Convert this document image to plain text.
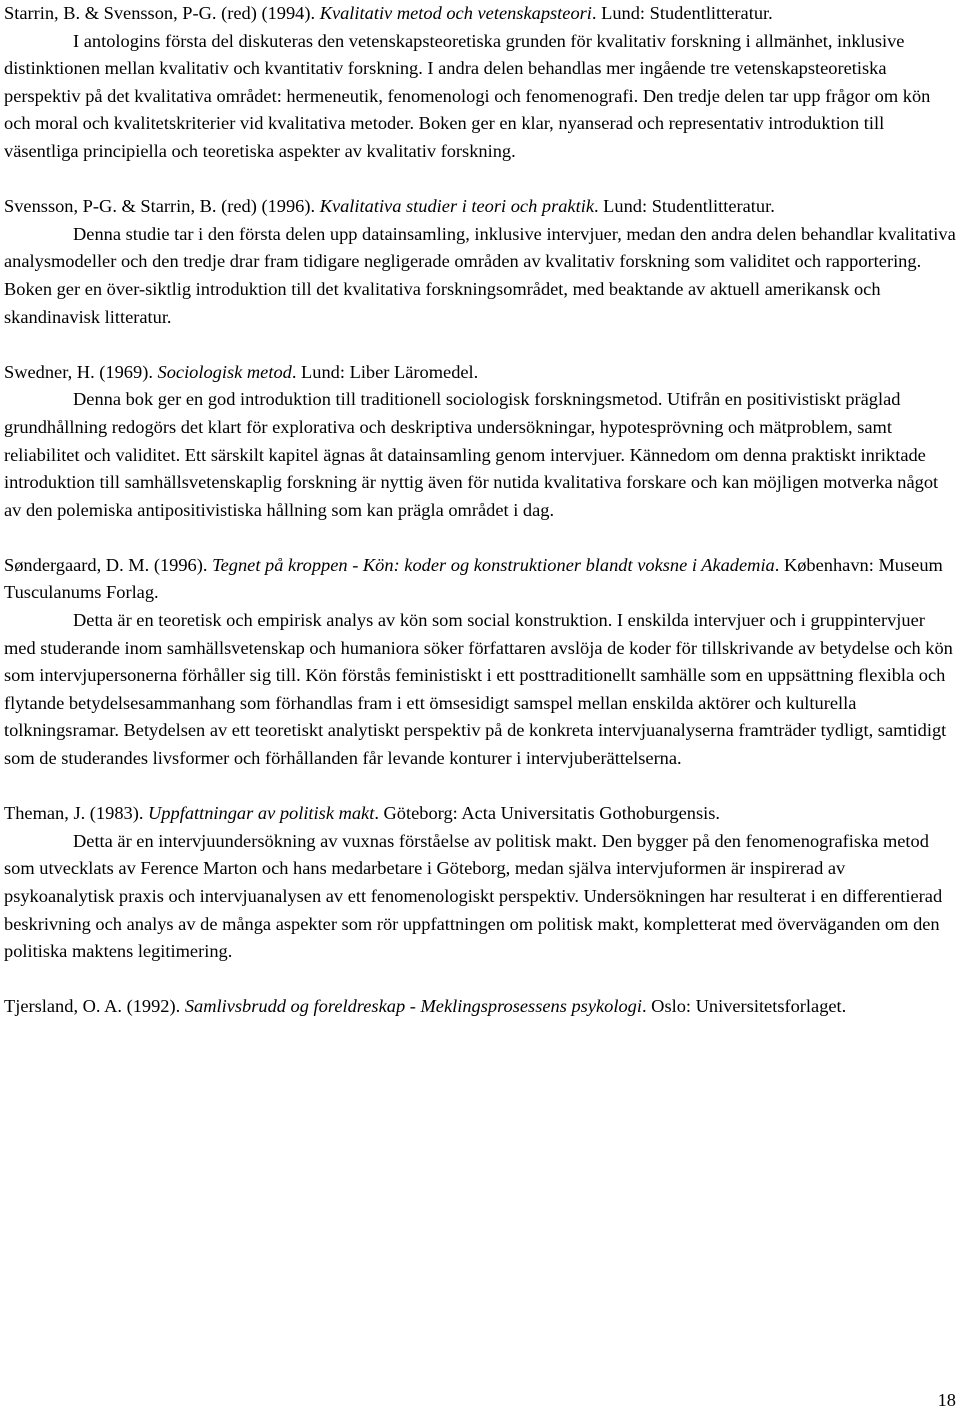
Starrin, B. & Svensson, P-G. (red) (1994). Kvalitativ metod och vetenskapsteori. Lund: Studentlitteratur.

I antologins första del diskuteras den vetenskapsteoretiska grunden för kvalitativ forskning i allmänhet, inklusive distinktionen mellan kvalitativ och kvantitativ forskning. I andra delen behandlas mer ingående tre vetenskapsteoretiska perspektiv på det kvalitativa området: hermeneutik, fenomenologi och fenomenografi. Den tredje delen tar upp frågor om kön och moral och kvalitetskriterier vid kvalitativa metoder. Boken ger en klar, nyanserad och representativ introduktion till väsentliga principiella och teoretiska aspekter av kvalitativ forskning.

Svensson, P-G. & Starrin, B. (red) (1996). Kvalitativa studier i teori och praktik. Lund: Studentlitteratur.

Denna studie tar i den första delen upp datainsamling, inklusive intervjuer, medan den andra delen behandlar kvalitativa analysmodeller och den tredje drar fram tidigare negligerade områden av kvalitativ forskning som validitet och rapportering. Boken ger en över-siktlig introduktion till det kvalitativa forskningsområdet, med beaktande av aktuell amerikansk och skandinavisk litteratur.

Swedner, H. (1969). Sociologisk metod. Lund: Liber Läromedel.

Denna bok ger en god introduktion till traditionell sociologisk forskningsmetod. Utifrån en positivistiskt präglad grundhållning redogörs det klart för explorativa och deskriptiva undersökningar, hypotesprövning och mätproblem, samt reliabilitet och validitet. Ett särskilt kapitel ägnas åt datainsamling genom intervjuer. Kännedom om denna praktiskt inriktade introduktion till samhällsvetenskaplig forskning är nyttig även för nutida kvalitativa forskare och kan möjligen motverka något av den polemiska antipositivistiska hållning som kan prägla området i dag.

Søndergaard, D. M. (1996). Tegnet på kroppen - Kön: koder og konstruktioner blandt voksne i Akademia. København: Museum Tusculanums Forlag.

Detta är en teoretisk och empirisk analys av kön som social konstruktion. I enskilda intervjuer och i gruppintervjuer med studerande inom samhällsvetenskap och humaniora söker författaren avslöja de koder för tillskrivande av betydelse och kön som intervjupersonerna förhåller sig till. Kön förstås feministiskt i ett posttraditionellt samhälle som en uppsättning flexibla och flytande betydelsesammanhang som förhandlas fram i ett ömsesidigt samspel mellan enskilda aktörer och kulturella tolkningsramar. Betydelsen av ett teoretiskt analytiskt perspektiv på de konkreta intervjuanalyserna framträder tydligt, samtidigt som de studerandes livsformer och förhållanden får levande konturer i intervjuberättelserna.

Theman, J. (1983). Uppfattningar av politisk makt. Göteborg: Acta Universitatis Gothoburgensis.

Detta är en intervjuundersökning av vuxnas förståelse av politisk makt. Den bygger på den fenomenografiska metod som utvecklats av Ference Marton och hans medarbetare i Göteborg, medan själva intervjuformen är inspirerad av psykoanalytisk praxis och intervjuanalysen av ett fenomenologiskt perspektiv. Undersökningen har resulterat i en differentierad beskrivning och analys av de många aspekter som rör uppfattningen om politisk makt, kompletterat med överväganden om den politiska maktens legitimering.

Tjersland, O. A. (1992). Samlivsbrudd og foreldreskap - Meklingsprosessens psykologi. Oslo: Universitetsforlaget.

18
